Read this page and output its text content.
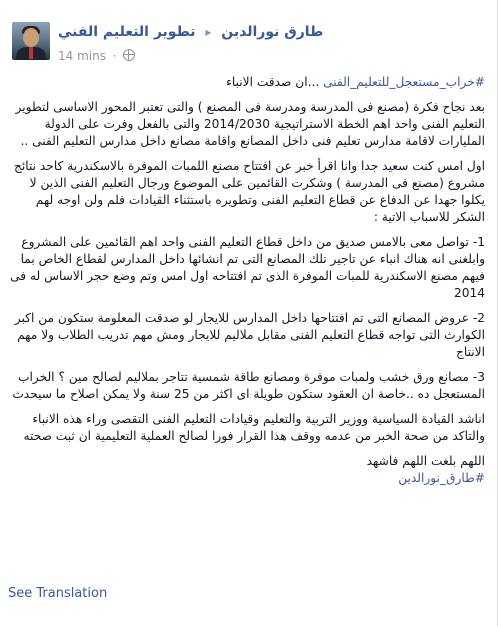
طارق نورالدين ▸ تطوير التعليم الفني
14 mins ·

#خراب_مستعجل_للتعليم_الفنى ...ان صدقت الانباء

بعد نجاح فكرة (مصنع فى المدرسة ومدرسة فى المصنع ) والتى تعتبر المحور الاساسى لتطوير التعليم الفنى واحد اهم الخطة الاستراتيجية 2014/2030 والتى بالفعل وفرت على الدولة المليارات لاقامة مدارس تعليم فنى داخل المصانع واقامة مصانع داخل مدارس التعليم الفنى ..

اول امس كنت سعيد جدا وانا اقرأ خبر عن افتتاح مصنع اللمبات الموفرة بالاسكندرية كاحد نتائج مشروع (مصنع فى المدرسة ) وشكرت القائمين على الموضوع ورجال التعليم الفنى الذين لا يكلوا جهدا عن الدفاع عن قطاع التعليم الفنى وتطويره باستثناء القيادات فلم ولن اوجه لهم الشكر للاسباب الاتية :

1- تواصل معى بالامس صديق من داخل قطاع التعليم الفنى واحد اهم القائمين على المشروع وابلغنى انه هناك انباء عن تاجير تلك المصانع التى تم انشائها داخل المدارس لقطاع الخاص بما فيهم مصنع الاسكندرية للمبات الموفرة الذى تم افتتاحه اول امس وتم وضع حجر الاساس له فى 2014

2- عروض المصانع التى تم افتتاحها داخل المدارس للايجار لو صدقت المعلومة ستكون من اكبر الكوارث التى تواجه قطاع التعليم الفنى مقابل ملاليم للايجار ومش مهم تدريب الطلاب ولا مهم الانتاج

3- مصانع ورق خشب ولمبات موفرة ومصانع طاقة شمسية تتاجر بملاليم لصالح مين ؟ الخراب المستعجل ده ..خاصة ان العقود ستكون طويلة اى اكثر من 25 سنة ولا يمكن اصلاح ما سيحدث

اناشد القيادة السياسية ووزير التربية والتعليم وقيادات التعليم الفنى التقصى وراء هذه الانباء والتاكد من صحة الخبر من عدمه ووقف هذا القرار فورا لصالح العملية التعليمية ان ثبت صحته

اللهم بلغت اللهم فاشهد
#طارق_نورالدين

See Translation
